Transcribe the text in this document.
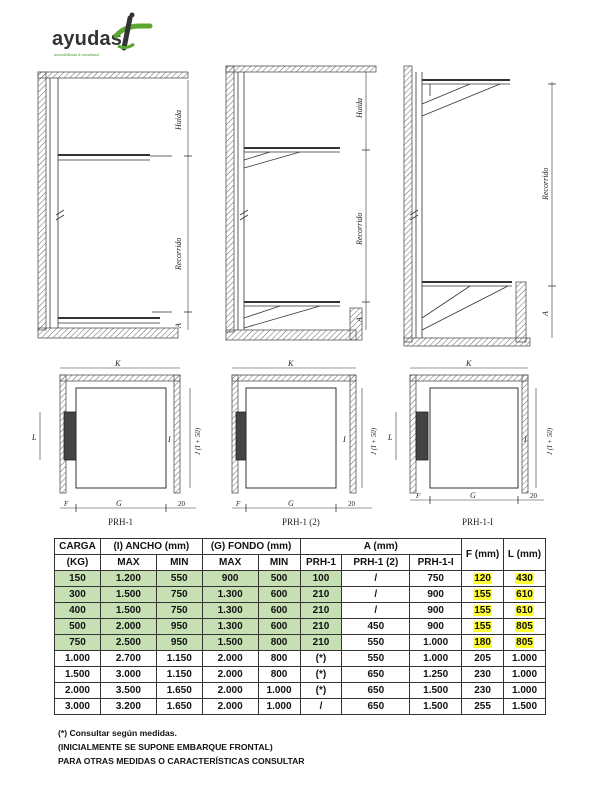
ayudas
accesibilidad & movilidad
Huida
Recorrido
A
Huida
Recorrido
A
Recorrido
A
K
L	I	J (I + 50)
F	G	20
K
I	J (I + 50)
F	G	20
K
L	I	J (I + 50)
F	G	20
PRH-1	PRH-1 (2)	PRH-1-I
CARGA	(I) ANCHO (mm)		(G) FONDO (mm)		A (mm)			F (mm)	L (mm)
(KG)	MAX	MIN	MAX	MIN	PRH-1	PRH-1 (2)	PRH-1-I		
150	1.200	550	900	500	100	/	750	120	430
300	1.500	750	1.300	600	210	/	900	155	610
400	1.500	750	1.300	600	210	/	900	155	610
500	2.000	950	1.300	600	210	450	900	155	805
750	2.500	950	1.500	800	210	550	1.000	180	805
1.000	2.700	1.150	2.000	800	(*)	550	1.000	205	1.000
1.500	3.000	1.150	2.000	800	(*)	650	1.250	230	1.000
2.000	3.500	1.650	2.000	1.000	(*)	650	1.500	230	1.000
3.000	3.200	1.650	2.000	1.000	/	650	1.500	255	1.500
(*) Consultar según medidas.
(INICIALMENTE SE SUPONE EMBARQUE FRONTAL)
PARA OTRAS MEDIDAS O CARACTERÍSTICAS CONSULTAR
